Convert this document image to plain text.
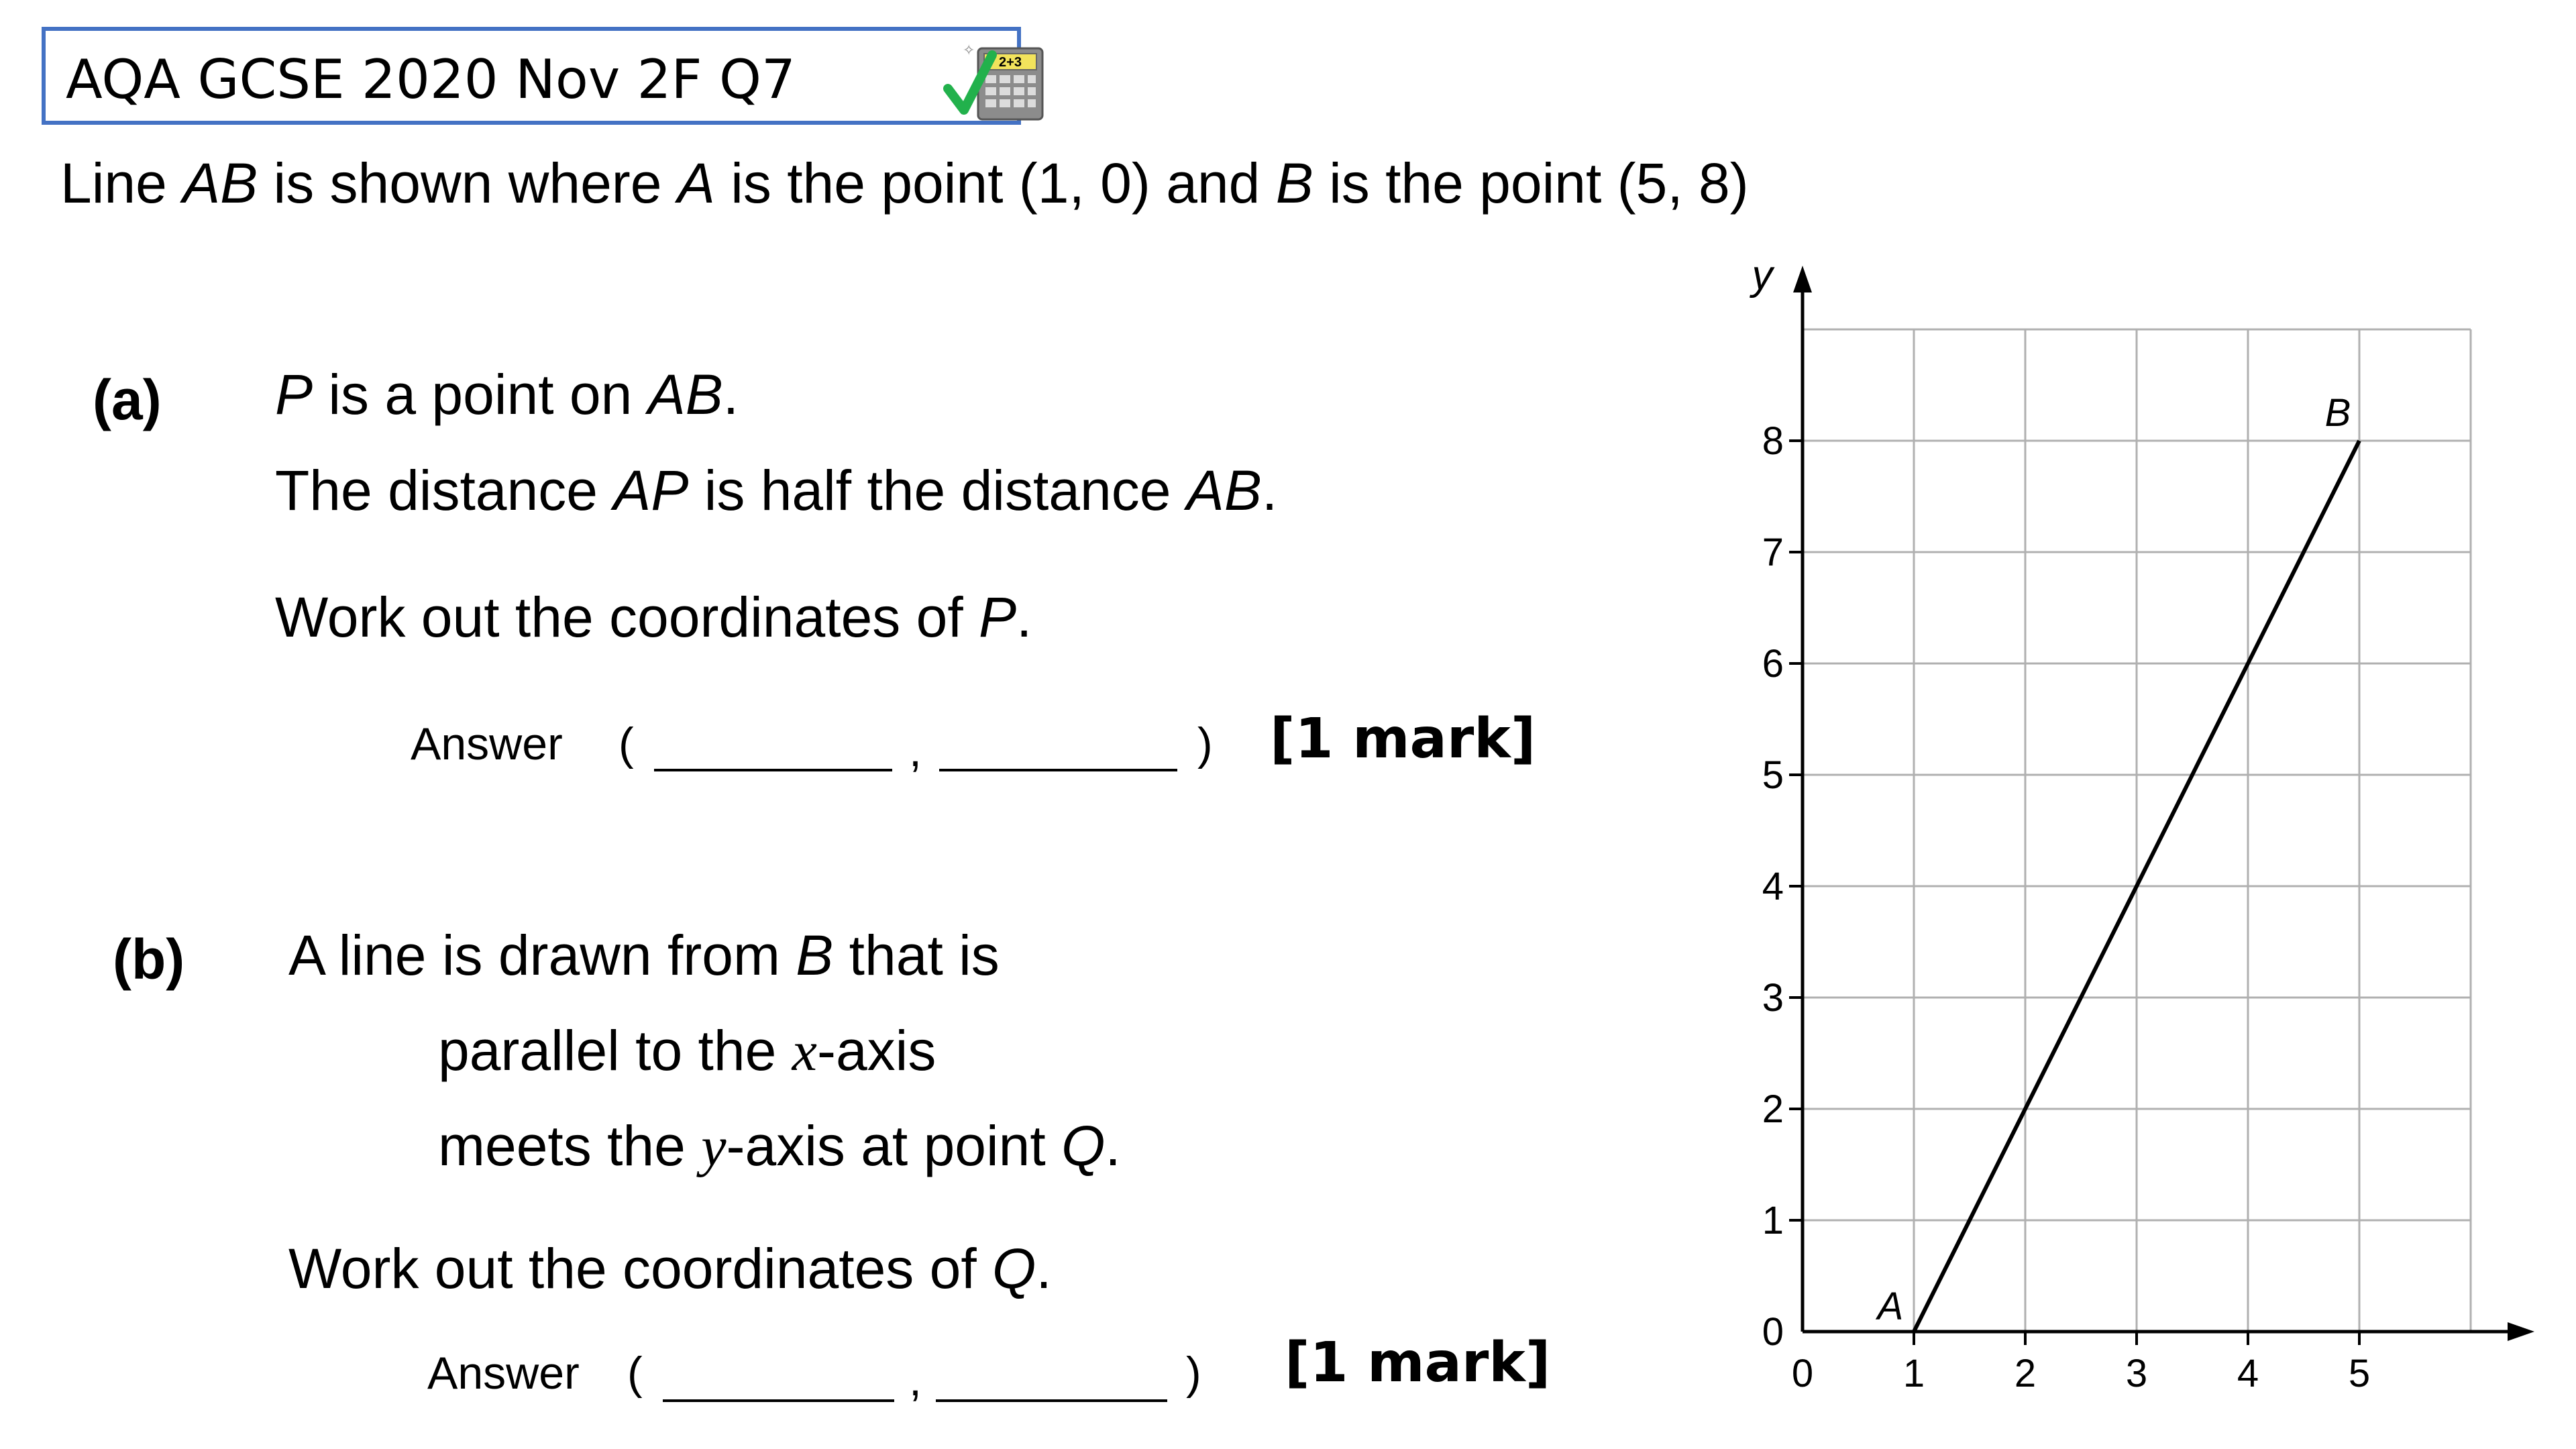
AQA GCSE 2020 Nov 2F Q7	2+3
✧
Line AB is shown where A is the point (1, 0) and B is the point (5, 8)
(a) P is a point on AB.
The distance AP is half the distance AB.
Work out the coordinates of P.
Answer (	,	) [1 mark]
(b) A line is drawn from B that is
parallel to the x-axis
meets the y-axis at point Q.
Work out the coordinates of Q.
Answer (	,	) [1 mark]	0 1 2 3 4 5
0
1
2
3
4
5
6
7
8
y
A
B
